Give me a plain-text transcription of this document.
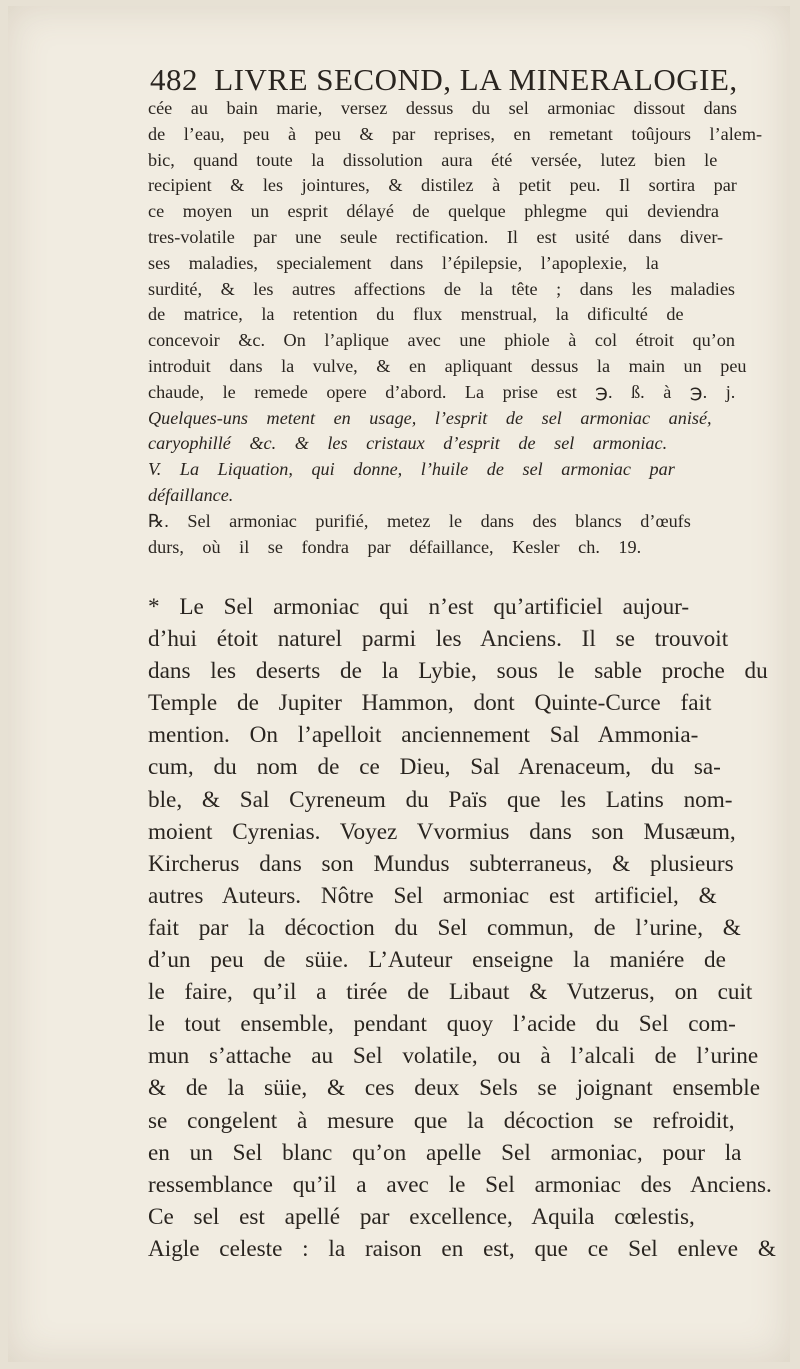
482 LIVRE SECOND, LA MINERALOGIE,
cée au bain marie, versez dessus du sel armoniac dissout dans
de l’eau, peu à peu & par reprises, en remetant toûjours l’alem-
bic, quand toute la dissolution aura été versée, lutez bien le
recipient & les jointures, & distilez à petit peu. Il sortira par
ce moyen un esprit délayé de quelque phlegme qui deviendra
tres-volatile par une seule rectification. Il est usité dans diver-
ses maladies, specialement dans l’épilepsie, l’apoplexie, la
surdité, & les autres affections de la tête ; dans les maladies
de matrice, la retention du flux menstrual, la dificulté de
concevoir &c. On l’aplique avec une phiole à col étroit qu’on
introduit dans la vulve, & en apliquant dessus la main un peu
chaude, le remede opere d’abord. La prise est ℈. ß. à ℈. j.
Quelques-uns metent en usage, l’esprit de sel armoniac anisé,
caryophillé &c. & les cristaux d’esprit de sel armoniac.
V. La Liquation, qui donne, l’huile de sel armoniac par
défaillance.
℞. Sel armoniac purifié, metez le dans des blancs d’œufs
durs, où il se fondra par défaillance, Kesler ch. 19.
* Le Sel armoniac qui n’est qu’artificiel aujour-
d’hui étoit naturel parmi les Anciens. Il se trouvoit
dans les deserts de la Lybie, sous le sable proche du
Temple de Jupiter Hammon, dont Quinte-Curce fait
mention. On l’apelloit anciennement Sal Ammonia-
cum, du nom de ce Dieu, Sal Arenaceum, du sa-
ble, & Sal Cyreneum du Païs que les Latins nom-
moient Cyrenias. Voyez Vvormius dans son Musæum,
Kircherus dans son Mundus subterraneus, & plusieurs
autres Auteurs. Nôtre Sel armoniac est artificiel, &
fait par la décoction du Sel commun, de l’urine, &
d’un peu de süie. L’Auteur enseigne la maniére de
le faire, qu’il a tirée de Libaut & Vutzerus, on cuit
le tout ensemble, pendant quoy l’acide du Sel com-
mun s’attache au Sel volatile, ou à l’alcali de l’urine
& de la süie, & ces deux Sels se joignant ensemble
se congelent à mesure que la décoction se refroidit,
en un Sel blanc qu’on apelle Sel armoniac, pour la
ressemblance qu’il a avec le Sel armoniac des Anciens.
Ce sel est apellé par excellence, Aquila cœlestis,
Aigle celeste : la raison en est, que ce Sel enleve &
